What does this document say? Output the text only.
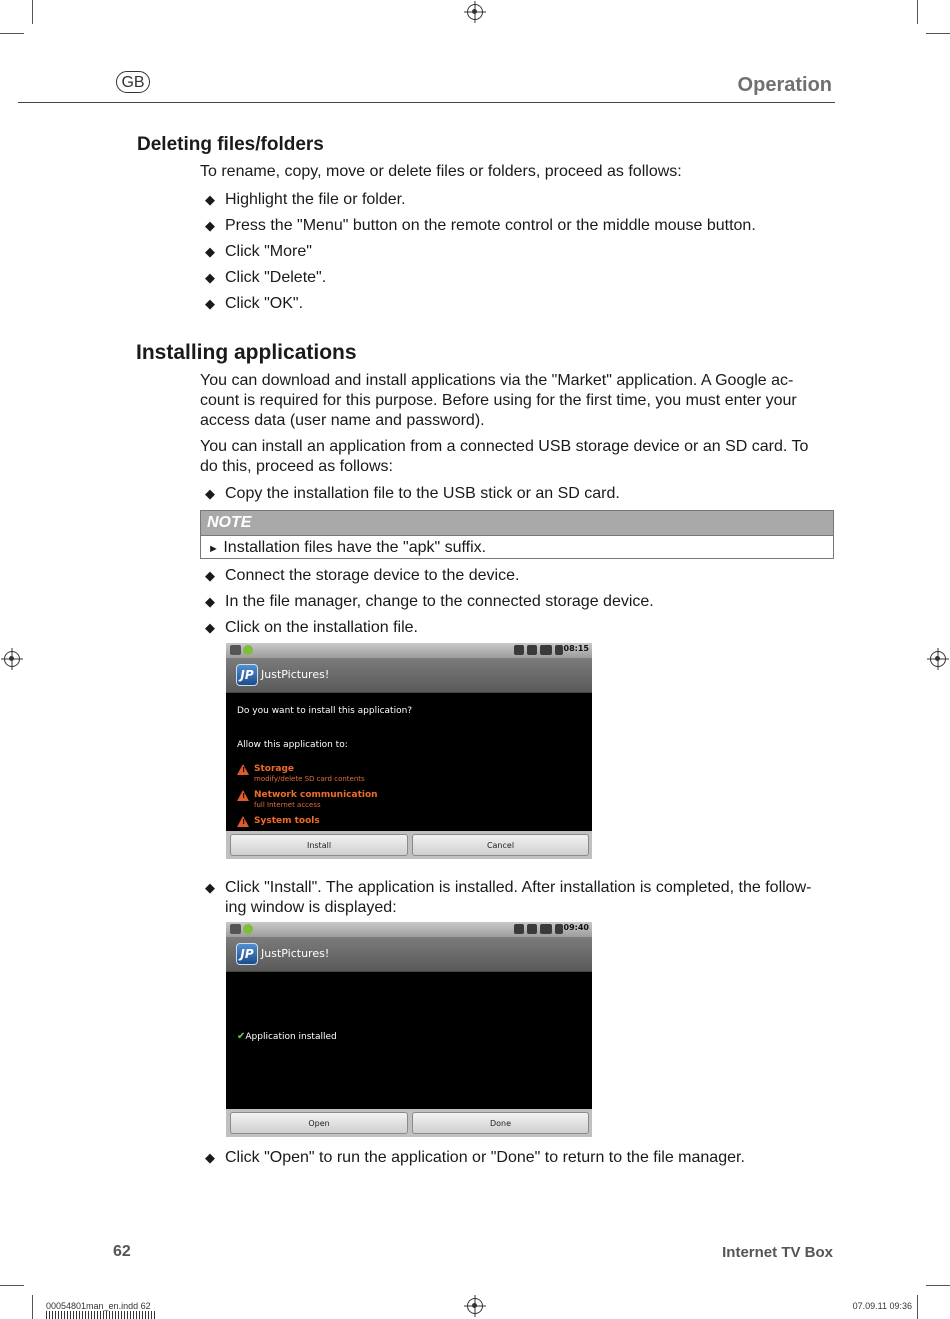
GB	Operation
Deleting files/folders

To rename, copy, move or delete files or folders, proceed as follows:

◆ Highlight the file or folder.
◆ Press the "Menu" button on the remote control or the middle mouse button.
◆ Click "More"
◆ Click "Delete".
◆ Click "OK".
Installing applications

You can download and install applications via the "Market" application. A Google ac-count is required for this purpose. Before using for the first time, you must enter your access data (user name and password).

You can install an application from a connected USB storage device or an SD card. To do this, proceed as follows:

◆ Copy the installation file to the USB stick or an SD card.
NOTE
► Installation files have the "apk" suffix.
◆ Connect the storage device to the device.
◆ In the file manager, change to the connected storage device.
◆ Click on the installation file.
08:15
JP JustPictures!
Do you want to install this application?
Allow this application to:
! Storage
modify/delete SD card contents
! Network communication
full Internet access
! System tools
Install	Cancel
◆ Click "Install". The application is installed. After installation is completed, the follow-ing window is displayed:
09:40
JP JustPictures!
✔Application installed
Open	Done
◆ Click "Open" to run the application or "Done" to return to the file manager.
62	Internet TV Box
00054801man_en.indd 62	07.09.11 09:36
